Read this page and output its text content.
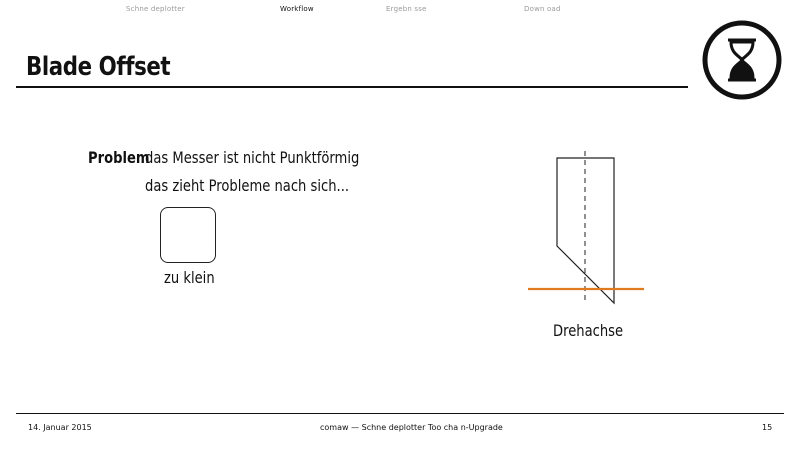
Schne deplotter	Workflow	Ergebn sse	Down oad
Blade Offset
Problem
das Messer ist nicht Punktförmig
das zieht Probleme nach sich...
zu klein
Drehachse
14. Januar 2015	comaw — Schne deplotter Too cha n-Upgrade	15
